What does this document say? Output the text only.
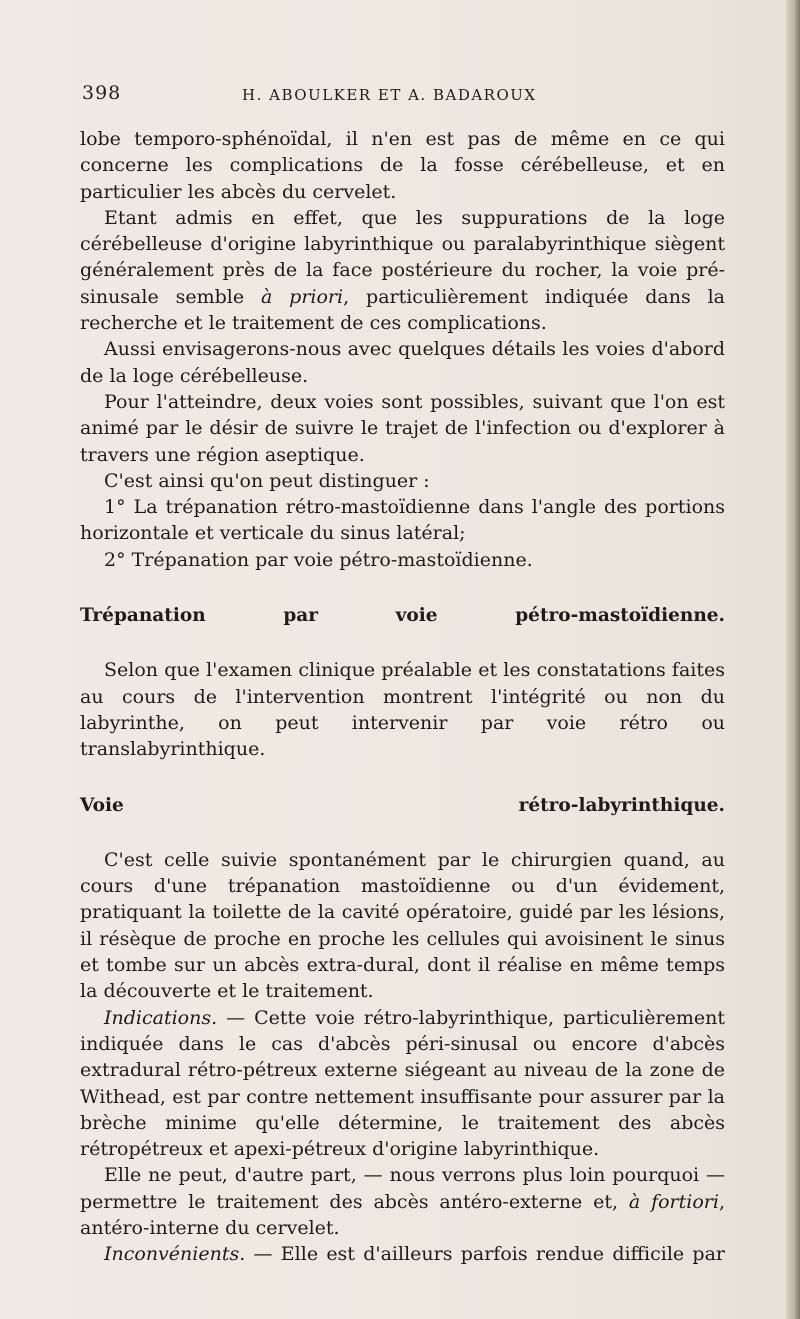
398	H. ABOULKER ET A. BADAROUX

lobe temporo-sphénoïdal, il n'en est pas de même en ce qui concerne les complications de la fosse cérébelleuse, et en particulier les abcès du cervelet.

Etant admis en effet, que les suppurations de la loge cérébelleuse d'origine labyrinthique ou paralabyrinthique siègent généralement près de la face postérieure du rocher, la voie pré-sinusale semble à priori, particulièrement indiquée dans la recherche et le traitement de ces complications.

Aussi envisagerons-nous avec quelques détails les voies d'abord de la loge cérébelleuse.

Pour l'atteindre, deux voies sont possibles, suivant que l'on est animé par le désir de suivre le trajet de l'infection ou d'explorer à travers une région aseptique.

C'est ainsi qu'on peut distinguer :

1° La trépanation rétro-mastoïdienne dans l'angle des portions horizontale et verticale du sinus latéral;

2° Trépanation par voie pétro-mastoïdienne.

Trépanation par voie pétro-mastoïdienne.

Selon que l'examen clinique préalable et les constatations faites au cours de l'intervention montrent l'intégrité ou non du labyrinthe, on peut intervenir par voie rétro ou translabyrinthique.

Voie rétro-labyrinthique.

C'est celle suivie spontanément par le chirurgien quand, au cours d'une trépanation mastoïdienne ou d'un évidement, pratiquant la toilette de la cavité opératoire, guidé par les lésions, il résèque de proche en proche les cellules qui avoisinent le sinus et tombe sur un abcès extra-dural, dont il réalise en même temps la découverte et le traitement.

Indications. — Cette voie rétro-labyrinthique, particulièrement indiquée dans le cas d'abcès péri-sinusal ou encore d'abcès extradural rétro-pétreux externe siégeant au niveau de la zone de Withead, est par contre nettement insuffisante pour assurer par la brèche minime qu'elle détermine, le traitement des abcès rétropétreux et apexi-pétreux d'origine labyrinthique.

Elle ne peut, d'autre part, — nous verrons plus loin pourquoi — permettre le traitement des abcès antéro-externe et, à fortiori, antéro-interne du cervelet.

Inconvénients. — Elle est d'ailleurs parfois rendue difficile par
